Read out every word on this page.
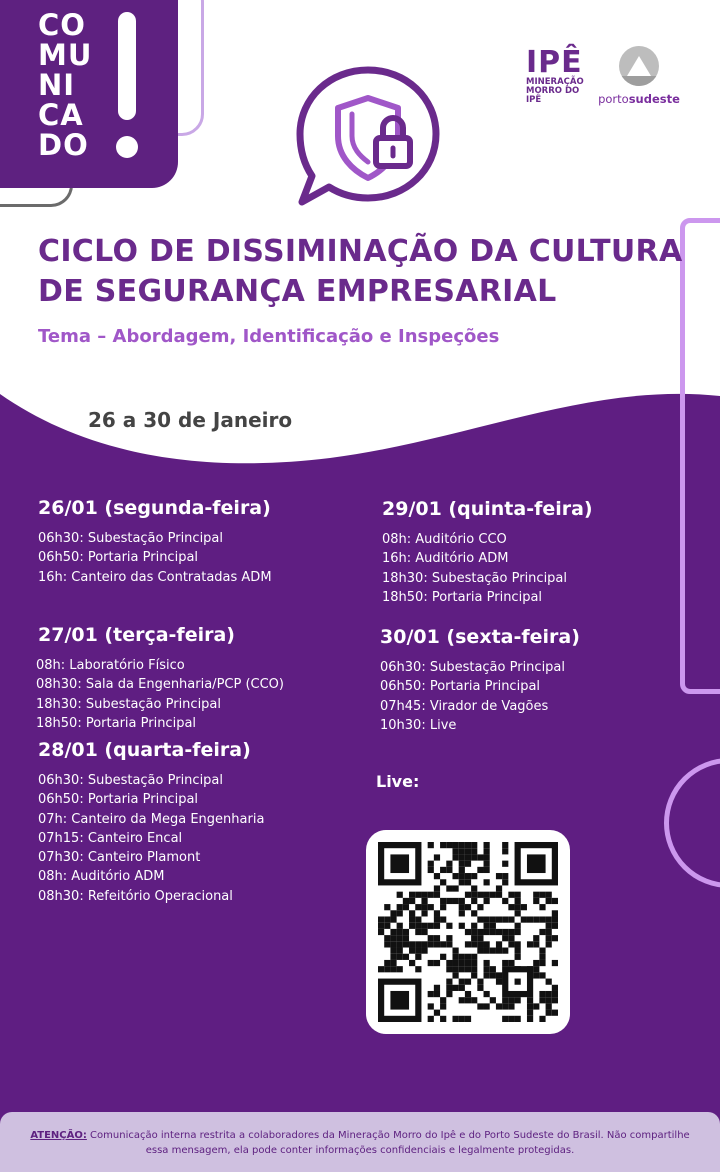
CO
MU
NI
CA
DO
IPÊ
MINERAÇÃO
MORRO DO IPÊ	portosudeste
CICLO DE DISSIMINAÇÃO DA CULTURA
DE SEGURANÇA EMPRESARIAL
Tema – Abordagem, Identificação e Inspeções
26 a 30 de Janeiro
26/01 (segunda-feira)
06h30: Subestação Principal
06h50: Portaria Principal
16h: Canteiro das Contratadas ADM
27/01 (terça-feira)
08h: Laboratório Físico
08h30: Sala da Engenharia/PCP (CCO)
18h30: Subestação Principal
18h50: Portaria Principal
28/01 (quarta-feira)
06h30: Subestação Principal
06h50: Portaria Principal
07h: Canteiro da Mega Engenharia
07h15: Canteiro Encal
07h30: Canteiro Plamont
08h: Auditório ADM
08h30: Refeitório Operacional
29/01 (quinta-feira)
08h: Auditório CCO
16h: Auditório ADM
18h30: Subestação Principal
18h50: Portaria Principal
30/01 (sexta-feira)
06h30: Subestação Principal
06h50: Portaria Principal
07h45: Virador de Vagões
10h30: Live
Live:
ATENÇÃO: Comunicação interna restrita a colaboradores da Mineração Morro do Ipê e do Porto Sudeste do Brasil. Não compartilhe essa mensagem, ela pode conter informações confidenciais e legalmente protegidas.
